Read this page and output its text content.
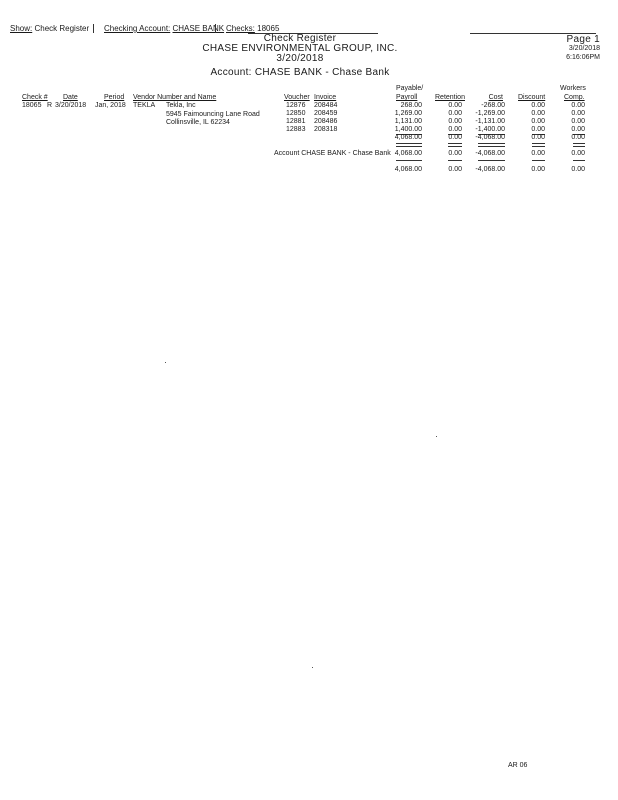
Show: Check Register Checking Account: CHASE BANK Checks: 18065
Check Register
CHASE ENVIRONMENTAL GROUP, INC.
3/20/2018
Page 1
3/20/2018
6:16:06PM
Account: CHASE BANK - Chase Bank
Check # Date	Period Vendor Number and Name	Voucher Invoice
Payable/
Payroll	Retention	Cost Discount
Workers
Comp.
18065 R 3/20/2018 Jan, 2018 TEKLA Tekla, Inc
5945 Faimouncing Lane Road
Collinsville, IL 62234
12876 208484	268.00	0.00	-268.00	0.00	0.00
12850 208459	1,269.00	0.00	-1,269.00	0.00	0.00
12881 208486	1,131.00	0.00	-1,131.00	0.00	0.00
12883 208318	1,400.00	0.00	-1,400.00	0.00	0.00
4,068.00	0.00	-4,068.00	0.00	0.00
Account CHASE BANK - Chase Bank 4,068.00	0.00	-4,068.00	0.00	0.00
4,068.00	0.00	-4,068.00	0.00	0.00
AR 06
